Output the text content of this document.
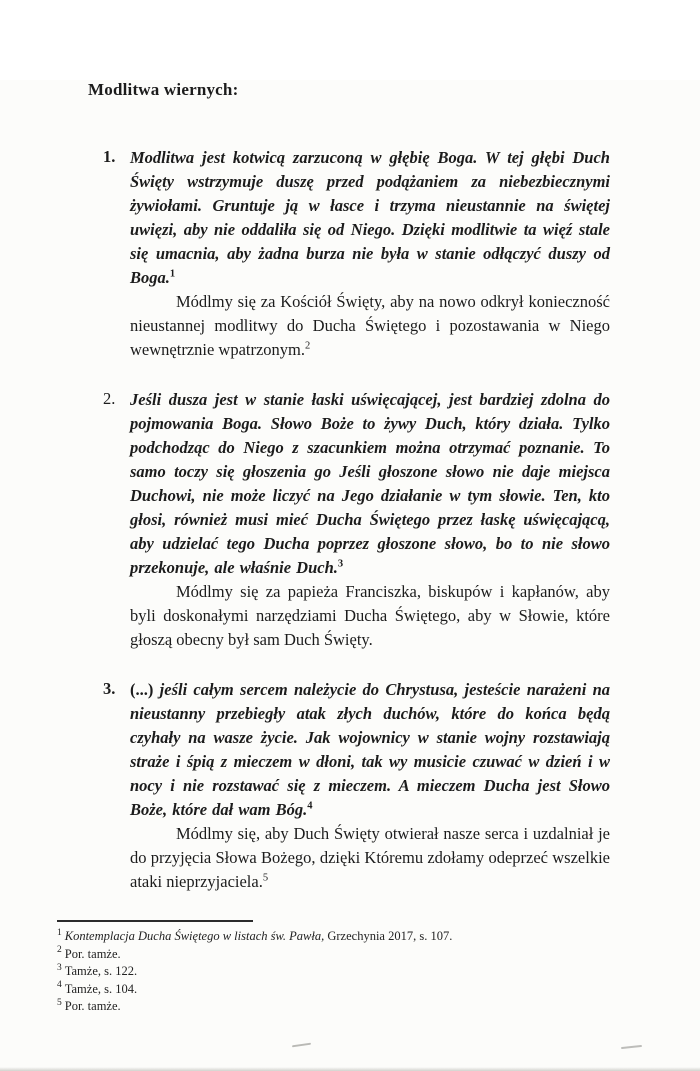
Modlitwa wiernych:
1. Modlitwa jest kotwicą zarzuconą w głębię Boga. W tej głębi Duch Święty wstrzymuje duszę przed podążaniem za niebezbiecznymi żywiołami. Gruntuje ją w łasce i trzyma nieustannie na świętej uwięzi, aby nie oddaliła się od Niego. Dzięki modlitwie ta więź stale się umacnia, aby żadna burza nie była w stanie odłączyć duszy od Boga.$^1$

Módlmy się za Kościół Święty, aby na nowo odkrył konieczność nieustannej modlitwy do Ducha Świętego i pozostawania w Niego wewnętrznie wpatrzonym.$^2$

2. Jeśli dusza jest w stanie łaski uświęcającej, jest bardziej zdolna do pojmowania Boga. Słowo Boże to żywy Duch, który działa. Tylko podchodząc do Niego z szacunkiem można otrzymać poznanie. To samo toczy się głoszenia go Jeśli głoszone słowo nie daje miejsca Duchowi, nie może liczyć na Jego działanie w tym słowie. Ten, kto głosi, również musi mieć Ducha Świętego przez łaskę uświęcającą, aby udzielać tego Ducha poprzez głoszone słowo, bo to nie słowo przekonuje, ale właśnie Duch.$^3$

Módlmy się za papieża Franciszka, biskupów i kapłanów, aby byli doskonałymi narzędziami Ducha Świętego, aby w Słowie, które głoszą obecny był sam Duch Święty.

3. (...) jeśli całym sercem należycie do Chrystusa, jesteście narażeni na nieustanny przebiegły atak złych duchów, które do końca będą czyhały na wasze życie. Jak wojownicy w stanie wojny rozstawiają straże i śpią z mieczem w dłoni, tak wy musicie czuwać w dzień i w nocy i nie rozstawać się z mieczem. A mieczem Ducha jest Słowo Boże, które dał wam Bóg.$^4$

Módlmy się, aby Duch Święty otwierał nasze serca i uzdalniał je do przyjęcia Słowa Bożego, dzięki Któremu zdołamy odeprzeć wszelkie ataki nieprzyjaciela.$^5$

$^1$ Kontemplacja Ducha Świętego w listach św. Pawła, Grzechynia 2017, s. 107.
$^2$ Por. tamże.
$^3$ Tamże, s. 122.
$^4$ Tamże, s. 104.
$^5$ Por. tamże.
